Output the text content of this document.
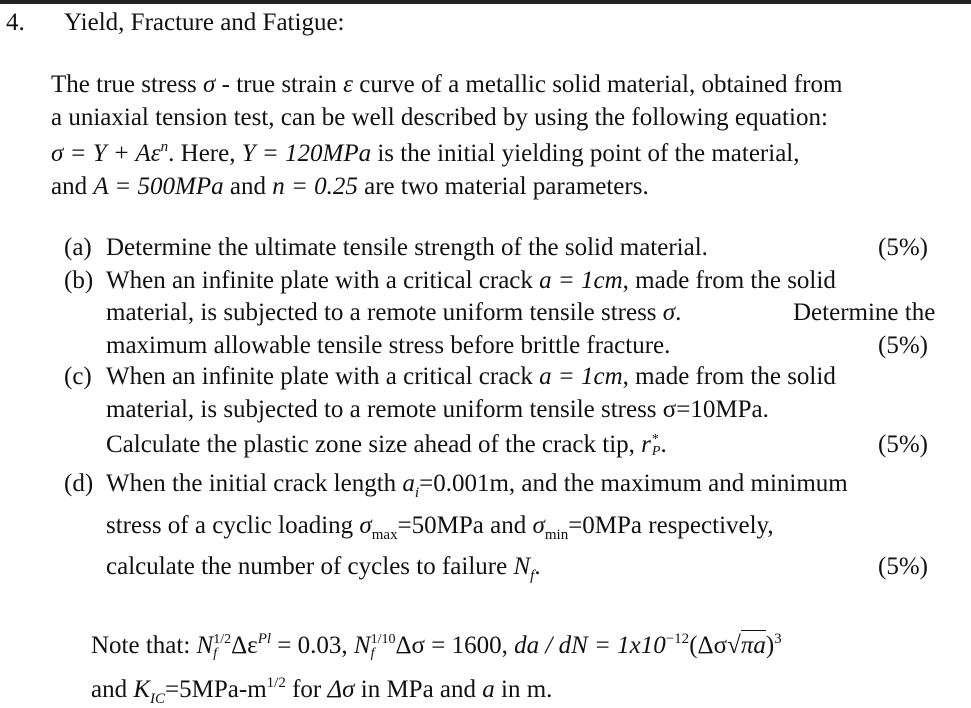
4. Yield, Fracture and Fatigue:
The true stress σ - true strain ε curve of a metallic solid material, obtained from
a uniaxial tension test, can be well described by using the following equation:
$\sigma = Y + A\varepsilon^n$. Here, Y = 120MPa is the initial yielding point of the material,
and A = 500MPa and n = 0.25 are two material parameters.
(a) Determine the ultimate tensile strength of the solid material.	(5%)
(b) When an infinite plate with a critical crack a = 1cm, made from the solid
material, is subjected to a remote uniform tensile stress σ.	Determine the
maximum allowable tensile stress before brittle fracture.	(5%)
(c) When an infinite plate with a critical crack a = 1cm, made from the solid
material, is subjected to a remote uniform tensile stress σ=10MPa.
Calculate the plastic zone size ahead of the crack tip, r *
P .	(5%)
(d) When the initial crack length $a_i=0.001m$, and the maximum and minimum
stress of a cyclic loading $\sigma_{max}=50MPa$ and $\sigma_{min}=0MPa$ respectively,
calculate the number of cycles to failure $N_f$.	(5%)
Note that: N 1/2
f $\Delta\varepsilon^{Pl} = 0.03$, N 1/10
f Δσ = 1600, da / dN = $1x10^{-12}(\Delta\sigma√\pi a)^3$
and $K_{IC}=5MPa-m^{1/2}$ for Δσ in MPa and a in m.
